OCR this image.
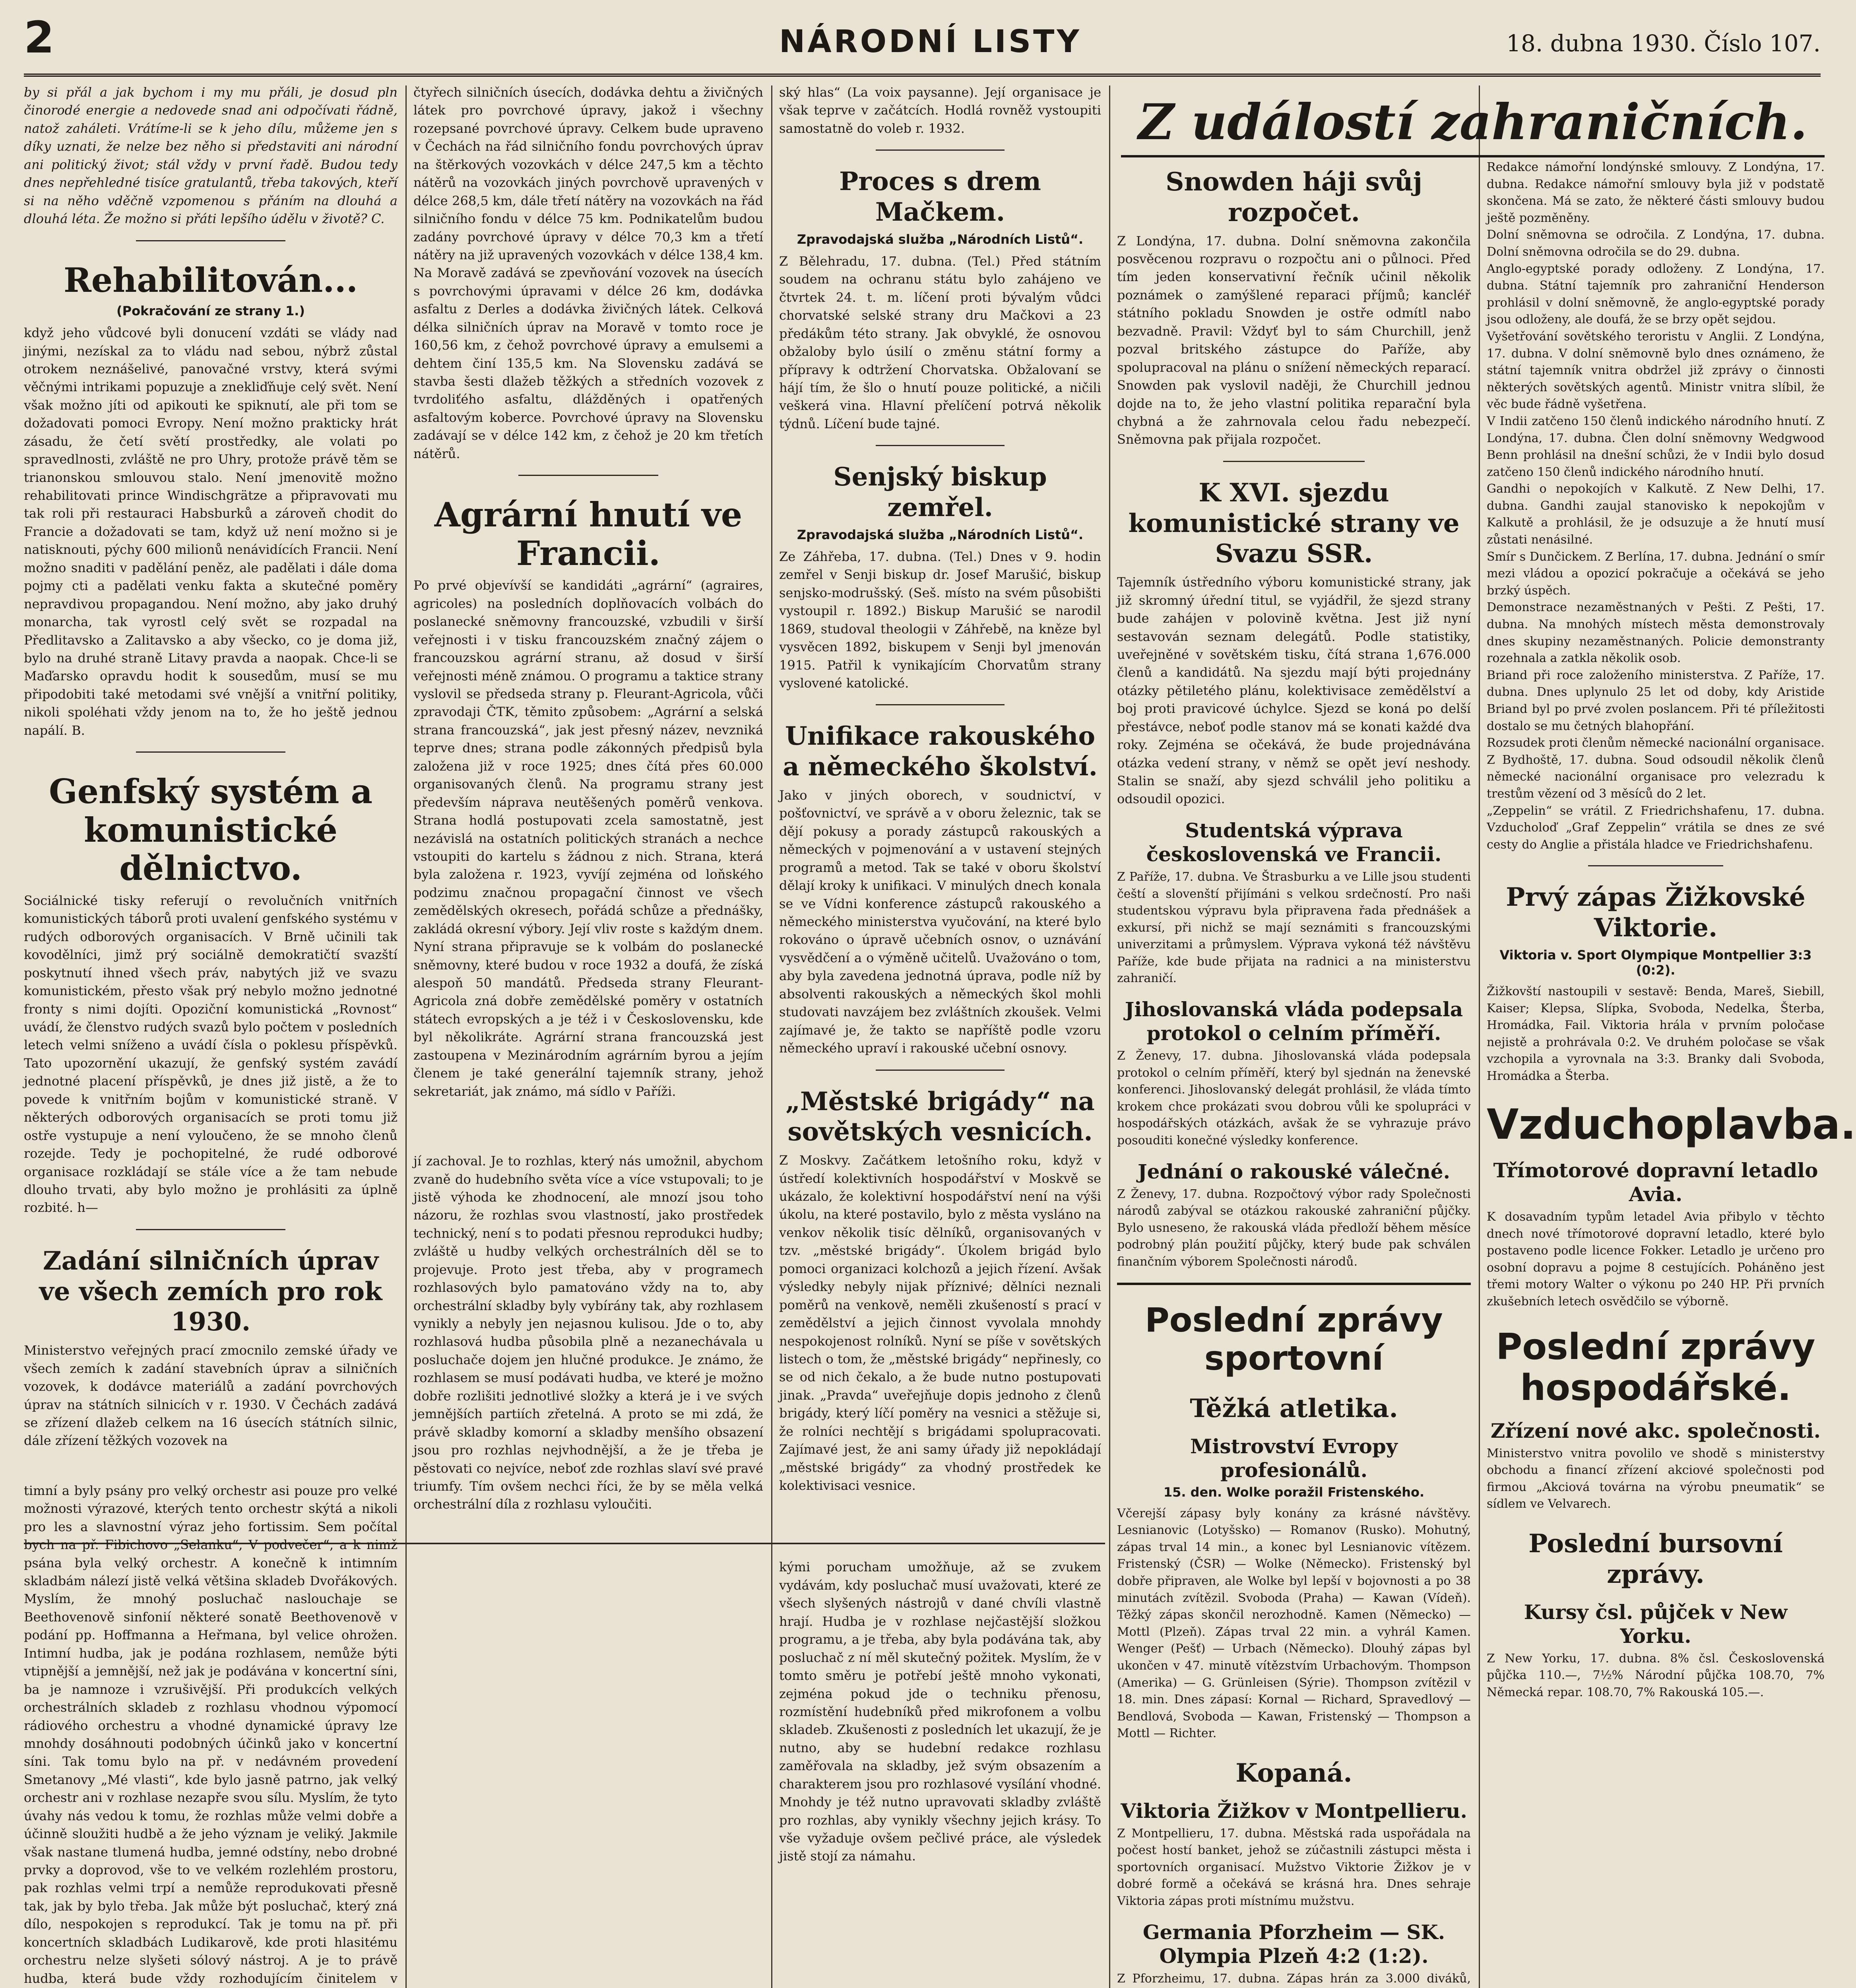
2	NÁRODNÍ LISTY	18. dubna 1930. Číslo 107.

by si přál a jak bychom i my mu přáli, je dosud pln činorodé energie a nedovede snad ani odpočívati řádně, natož zaháleti. Vrátíme-li se k jeho dílu, můžeme jen s díky uznati, že nelze bez něho si představiti ani národní ani politický život; stál vždy v první řadě. Budou tedy dnes nepřehledné tisíce gratulantů, třeba takových, kteří si na něho vděčně vzpomenou s přáním na dlouhá a dlouhá léta. Že možno si přáti lepšího údělu v životě? C.

Rehabilitován...
(Pokračování ze strany 1.)

když jeho vůdcové byli donucení vzdáti se vlády nad jinými, nezískal za to vládu nad sebou, nýbrž zůstal otrokem neznášelivé, panovačné vrstvy, která svými věčnými intrikami popuzuje a znekliďňuje celý svět. Není však možno jíti od apikouti ke spiknutí, ale při tom se dožadovati pomoci Evropy. Není možno prakticky hrát zásadu, že četí světí prostředky, ale volati po spravedlnosti, zvláště ne pro Uhry, protože právě těm se trianonskou smlouvou stalo. Není jmenovitě možno rehabilitovati prince Windischgrätze a připravovati mu tak roli při restauraci Habsburků a zároveň chodit do Francie a dožadovati se tam, když už není možno si je natisknouti, pýchy 600 milionů nenávidících Francii. Není možno snaditi v padělání peněz, ale padělati i dále doma pojmy cti a padělati venku fakta a skutečné poměry nepravdivou propagandou. Není možno, aby jako druhý monarcha, tak vyrostl celý svět se rozpadal na Předlitavsko a Zalitavsko a aby všecko, co je doma již, bylo na druhé straně Litavy pravda a naopak. Chce-li se Maďarsko opravdu hodit k sousedům, musí se mu připodobiti také metodami své vnější a vnitřní politiky, nikoli spoléhati vždy jenom na to, že ho ještě jednou napálí. B.

Genfský systém a komunistické dělnictvo.

Sociálnické tisky referují o revolučních vnitřních komunistických táborů proti uvalení genfského systému v rudých odborových organisacích. V Brně učinili tak kovodělníci, jimž prý sociálně demokratičtí svazští poskytnutí ihned všech práv, nabytých již ve svazu komunistickém, přesto však prý nebylo možno jednotné fronty s nimi dojíti. Opoziční komunistická „Rovnost“ uvádí, že členstvo rudých svazů bylo počtem v posledních letech velmi sníženo a uvádí čísla o poklesu příspěvků. Tato upozornění ukazují, že genfský systém zavádí jednotné placení příspěvků, je dnes již jistě, a že to povede k vnitřním bojům v komunistické straně. V některých odborových organisacích se proti tomu již ostře vystupuje a není vyloučeno, že se mnoho členů rozejde. Tedy je pochopitelné, že rudé odborové organisace rozkládají se stále více a že tam nebude dlouho trvati, aby bylo možno je prohlásiti za úplně rozbité. h—

Zadání silničních úprav ve všech zemích pro rok 1930.

Ministerstvo veřejných prací zmocnilo zemské úřady ve všech zemích k zadání stavebních úprav a silničních vozovek, k dodávce materiálů a zadání povrchových úprav na státních silnicích v r. 1930. V Čechách zadává se zřízení dlažeb celkem na 16 úsecích státních silnic, dále zřízení těžkých vozovek na

timní a byly psány pro velký orchestr asi pouze pro velké možnosti výrazové, kterých tento orchestr skýtá a nikoli pro les a slavnostní výraz jeho fortissim. Sem počítal bych na př. Fibichovo „Selanku“, V podvečer“, a k nimž psána byla velký orchestr. A konečně k intimním skladbám nálezí jistě velká většina skladeb Dvořákových. Myslím, že mnohý posluchač naslouchaje se Beethovenově sinfonií některé sonatě Beethovenově v podání pp. Hoffmanna a Heřmana, byl velice ohrožen. Intimní hudba, jak je podána rozhlasem, nemůže býti vtipnější a jemnější, než jak je podávána v koncertní síni, ba je namnoze i vzrušivější. Při produkcích velkých orchestrálních skladeb z rozhlasu vhodnou výpomocí rádiového orchestru a vhodné dynamické úpravy lze mnohdy dosáhnouti podobných účinků jako v koncertní síni. Tak tomu bylo na př. v nedávném provedení Smetanovy „Mé vlasti“, kde bylo jasně patrno, jak velký orchestr ani v rozhlase nezapře svou sílu. Myslím, že tyto úvahy nás vedou k tomu, že rozhlas může velmi dobře a účinně sloužiti hudbě a že jeho význam je veliký. Jakmile však nastane tlumená hudba, jemné odstíny, nebo drobné prvky a doprovod, vše to ve velkém rozlehlém prostoru, pak rozhlas velmi trpí a nemůže reprodukovati přesně tak, jak by bylo třeba. Jak může být posluchač, který zná dílo, nespokojen s reprodukcí. Tak je tomu na př. při koncertních skladbách Ludikarově, kde proti hlasitému orchestru nelze slyšeti sólový nástroj. A je to právě hudba, která bude vždy rozhodujícím činitelem v

čtyřech silničních úsecích, dodávka dehtu a živičných látek pro povrchové úpravy, jakož i všechny rozepsané povrchové úpravy. Celkem bude upraveno v Čechách na řád silničního fondu povrchových úprav na štěrkových vozovkách v délce 247,5 km a těchto nátěrů na vozovkách jiných povrchově upravených v délce 268,5 km, dále třetí nátěry na vozovkách na řád silničního fondu v délce 75 km. Podnikatelům budou zadány povrchové úpravy v délce 70,3 km a třetí nátěry na již upravených vozovkách v délce 138,4 km. Na Moravě zadává se zpevňování vozovek na úsecích s povrchovými úpravami v délce 26 km, dodávka asfaltu z Derles a dodávka živičných látek. Celková délka silničních úprav na Moravě v tomto roce je 160,56 km, z čehož povrchové úpravy a emulsemi a dehtem činí 135,5 km. Na Slovensku zadává se stavba šesti dlažeb těžkých a středních vozovek z tvrdoliťého asfaltu, dlážděných i opatřených asfaltovým koberce. Povrchové úpravy na Slovensku zadávají se v délce 142 km, z čehož je 20 km třetích nátěrů.

Agrární hnutí ve Francii.

Po prvé objevívší se kandidáti „agrární“ (agraires, agricoles) na posledních doplňovacích volbách do poslanecké sněmovny francouzské, vzbudili v širší veřejnosti i v tisku francouzském značný zájem o francouzskou agrární stranu, až dosud v širší veřejnosti méně známou. O programu a taktice strany vyslovil se předseda strany p. Fleurant-Agricola, vůči zpravodaji ČTK, těmito způsobem: „Agrární a selská strana francouzská“, jak jest přesný název, nevzniká teprve dnes; strana podle zákonných předpisů byla založena již v roce 1925; dnes čítá přes 60.000 organisovaných členů. Na programu strany jest především náprava neutěšených poměrů venkova. Strana hodlá postupovati zcela samostatně, jest nezávislá na ostatních politických stranách a nechce vstoupiti do kartelu s žádnou z nich. Strana, která byla založena r. 1923, vyvíjí zejména od loňského podzimu značnou propagační činnost ve všech zemědělských okresech, pořádá schůze a přednášky, zakládá okresní výbory. Její vliv roste s každým dnem. Nyní strana připravuje se k volbám do poslanecké sněmovny, které budou v roce 1932 a doufá, že získá alespoň 50 mandátů. Předseda strany Fleurant-Agricola zná dobře zemědělské poměry v ostatních státech evropských a je též i v Československu, kde byl několikráte. Agrární strana francouzská jest zastoupena v Mezinárodním agrárním byrou a jejím členem je také generální tajemník strany, jehož sekretariát, jak známo, má sídlo v Paříži.

jí zachoval. Je to rozhlas, který nás umožnil, abychom zvaně do hudebního světa více a více vstupovali; to je jistě výhoda ke zhodnocení, ale mnozí jsou toho názoru, že rozhlas svou vlastností, jako prostředek technický, není s to podati přesnou reprodukci hudby; zvláště u hudby velkých orchestrálních děl se to projevuje. Proto jest třeba, aby v programech rozhlasových bylo pamatováno vždy na to, aby orchestrální skladby byly vybírány tak, aby rozhlasem vynikly a nebyly jen nejasnou kulisou. Jde o to, aby rozhlasová hudba působila plně a nezanechávala u posluchače dojem jen hlučné produkce. Je známo, že rozhlasem se musí podávati hudba, ve které je možno dobře rozlišiti jednotlivé složky a která je i ve svých jemnějších partiích zřetelná. A proto se mi zdá, že právě skladby komorní a skladby menšího obsazení jsou pro rozhlas nejvhodnější, a že je třeba je pěstovati co nejvíce, neboť zde rozhlas slaví své pravé triumfy. Tím ovšem nechci říci, že by se měla velká orchestrální díla z rozhlasu vyloučiti.

ský hlas“ (La voix paysanne). Její organisace je však teprve v začátcích. Hodlá rovněž vystoupiti samostatně do voleb r. 1932.

Proces s drem Mačkem.
Zpravodajská služba „Národních Listů“.

Z Bělehradu, 17. dubna. (Tel.) Před státním soudem na ochranu státu bylo zahájeno ve čtvrtek 24. t. m. líčení proti bývalým vůdci chorvatské selské strany dru Mačkovi a 23 předákům této strany. Jak obvyklé, že osnovou obžaloby bylo úsilí o změnu státní formy a přípravy k odtržení Chorvatska. Obžalovaní se hájí tím, že šlo o hnutí pouze politické, a ničili veškerá vina. Hlavní přelíčení potrvá několik týdnů. Líčení bude tajné.

Senjský biskup zemřel.
Zpravodajská služba „Národních Listů“.

Ze Záhřeba, 17. dubna. (Tel.) Dnes v 9. hodin zemřel v Senji biskup dr. Josef Marušić, biskup senjsko-modrušský. (Seš. místo na svém působišti vystoupil r. 1892.) Biskup Marušić se narodil 1869, studoval theologii v Záhřebě, na kněze byl vysvěcen 1892, biskupem v Senji byl jmenován 1915. Patřil k vynikajícím Chorvatům strany vyslovené katolické.

Unifikace rakouského a německého školství.

Jako v jiných oborech, v soudnictví, v pošťovnictví, ve správě a v oboru železnic, tak se dějí pokusy a porady zástupců rakouských a německých v pojmenování a v ustavení stejných programů a metod. Tak se také v oboru školství dělají kroky k unifikaci. V minulých dnech konala se ve Vídni konference zástupců rakouského a německého ministerstva vyučování, na které bylo rokováno o úpravě učebních osnov, o uznávání vysvědčení a o výměně učitelů. Uvažováno o tom, aby byla zavedena jednotná úprava, podle níž by absolventi rakouských a německých škol mohli studovati navzájem bez zvláštních zkoušek. Velmi zajímavé je, že takto se napříště podle vzoru německého upraví i rakouské učební osnovy.

„Městské brigády“ na sovětských vesnicích.

Z Moskvy. Začátkem letošního roku, když v ústředí kolektivních hospodářství v Moskvě se ukázalo, že kolektivní hospodářství není na výši úkolu, na které postavilo, bylo z města vysláno na venkov několik tisíc dělníků, organisovaných v tzv. „městské brigády“. Úkolem brigád bylo pomoci organizaci kolchozů a jejich řízení. Avšak výsledky nebyly nijak příznivé; dělníci neznali poměrů na venkově, neměli zkušeností s prací v zemědělství a jejich činnost vyvolala mnohdy nespokojenost rolníků. Nyní se píše v sovětských listech o tom, že „městské brigády“ nepřinesly, co se od nich čekalo, a že bude nutno postupovati jinak. „Pravda“ uveřejňuje dopis jednoho z členů brigády, který líčí poměry na vesnici a stěžuje si, že rolníci nechtějí s brigádami spolupracovati. Zajímavé jest, že ani samy úřady již nepokládají „městské brigády“ za vhodný prostředek ke kolektivisaci vesnice.

kými porucham umožňuje, až se zvukem vydávám, kdy posluchač musí uvažovati, které ze všech slyšených nástrojů v dané chvíli vlastně hrají. Hudba je v rozhlase nejčastější složkou programu, a je třeba, aby byla podávána tak, aby posluchač z ní měl skutečný požitek. Myslím, že v tomto směru je potřebí ještě mnoho vykonati, zejména pokud jde o techniku přenosu, rozmístění hudebníků před mikrofonem a volbu skladeb. Zkušenosti z posledních let ukazují, že je nutno, aby se hudební redakce rozhlasu zaměřovala na skladby, jež svým obsazením a charakterem jsou pro rozhlasové vysílání vhodné. Mnohdy je též nutno upravovati skladby zvláště pro rozhlas, aby vynikly všechny jejich krásy. To vše vyžaduje ovšem pečlivé práce, ale výsledek jistě stojí za námahu.

Snowden háji svůj rozpočet.

Z Londýna, 17. dubna. Dolní sněmovna zakončila posvěcenou rozpravu o rozpočtu ani o půlnoci. Před tím jeden konservativní řečník učinil několik poznámek o zamýšlené reparaci příjmů; kancléř státního pokladu Snowden je ostře odmítl nabo bezvadně. Pravil: Vždyť byl to sám Churchill, jenž pozval britského zástupce do Paříže, aby spolupracoval na plánu o snížení německých reparací. Snowden pak vyslovil naději, že Churchill jednou dojde na to, že jeho vlastní politika reparační byla chybná a že zahrnovala celou řadu nebezpečí. Sněmovna pak přijala rozpočet.

K XVI. sjezdu komunistické strany ve Svazu SSR.

Tajemník ústředního výboru komunistické strany, jak již skromný úřední titul, se vyjádřil, že sjezd strany bude zahájen v polovině května. Jest již nyní sestavován seznam delegátů. Podle statistiky, uveřejněné v sovětském tisku, čítá strana 1,676.000 členů a kandidátů. Na sjezdu mají býti projednány otázky pětiletého plánu, kolektivisace zemědělství a boj proti pravicové úchylce. Sjezd se koná po delší přestávce, neboť podle stanov má se konati každé dva roky. Zejména se očekává, že bude projednávána otázka vedení strany, v němž se opět jeví neshody. Stalin se snaží, aby sjezd schválil jeho politiku a odsoudil opozici.

Studentská výprava československá ve Francii.

Z Paříže, 17. dubna. Ve Štrasburku a ve Lille jsou studenti čeští a slovenští přijímáni s velkou srdečností. Pro naši studentskou výpravu byla připravena řada přednášek a exkursí, při nichž se mají seznámiti s francouzskými univerzitami a průmyslem. Výprava vykoná též návštěvu Paříže, kde bude přijata na radnici a na ministerstvu zahraničí.

Jihoslovanská vláda podepsala protokol o celním příměří.

Z Ženevy, 17. dubna. Jihoslovanská vláda podepsala protokol o celním příměří, který byl sjednán na ženevské konferenci. Jihoslovanský delegát prohlásil, že vláda tímto krokem chce prokázati svou dobrou vůli ke spolupráci v hospodářských otázkách, avšak že se vyhrazuje právo posouditi konečné výsledky konference.

Jednání o rakouské válečné.

Z Ženevy, 17. dubna. Rozpočtový výbor rady Společnosti národů zabýval se otázkou rakouské zahraniční půjčky. Bylo usneseno, že rakouská vláda předloží během měsíce podrobný plán použití půjčky, který bude pak schválen finančním výborem Společnosti národů.

Poslední zprávy sportovní
Těžká atletika.
Mistrovství Evropy profesionálů.
15. den. Wolke poražil Fristenského.

Včerejší zápasy byly konány za krásné návštěvy. Lesnianovic (Lotyšsko) — Romanov (Rusko). Mohutný, zápas trval 14 min., a konec byl Lesnianovic vítězem. Fristenský (ČSR) — Wolke (Německo). Fristenský byl dobře připraven, ale Wolke byl lepší v bojovnosti a po 38 minutách zvítězil. Svoboda (Praha) — Kawan (Vídeň). Těžký zápas skončil nerozhodně. Kamen (Německo) — Mottl (Plzeň). Zápas trval 22 min. a vyhrál Kamen. Wenger (Pešť) — Urbach (Německo). Dlouhý zápas byl ukončen v 47. minutě vítězstvím Urbachovým. Thompson (Amerika) — G. Grünleisen (Sýrie). Thompson zvítězil v 18. min. Dnes zápasí: Kornal — Richard, Spravedlový — Bendlová, Svoboda — Kawan, Fristenský — Thompson a Mottl — Richter.

Kopaná.
Viktoria Žižkov v Montpellieru.

Z Montpellieru, 17. dubna. Městská rada uspořádala na počest hostí banket, jehož se zúčastnili zástupci města i sportovních organisací. Mužstvo Viktorie Žižkov je v dobré formě a očekává se krásná hra. Dnes sehraje Viktoria zápas proti místnímu mužstvu.

Germania Pforzheim — SK. Olympia Plzeň 4:2 (1:2).

Z Pforzheimu, 17. dubna. Zápas hrán za 3.000 diváků,

Z událostí zahraničních.

Redakce námořní londýnské smlouvy. Z Londýna, 17. dubna. Redakce námořní smlouvy byla již v podstatě skončena. Má se zato, že některé části smlouvy budou ještě pozměněny.

Dolní sněmovna se odročila. Z Londýna, 17. dubna. Dolní sněmovna odročila se do 29. dubna.

Anglo-egyptské porady odloženy. Z Londýna, 17. dubna. Státní tajemník pro zahraniční Henderson prohlásil v dolní sněmovně, že anglo-egyptské porady jsou odloženy, ale doufá, že se brzy opět sejdou.

Vyšetřování sovětského teroristu v Anglii. Z Londýna, 17. dubna. V dolní sněmovně bylo dnes oznámeno, že státní tajemník vnitra obdržel již zprávy o činnosti některých sovětských agentů. Ministr vnitra slíbil, že věc bude řádně vyšetřena.

V Indii zatčeno 150 členů indického národního hnutí. Z Londýna, 17. dubna. Člen dolní sněmovny Wedgwood Benn prohlásil na dnešní schůzi, že v Indii bylo dosud zatčeno 150 členů indického národního hnutí.

Gandhi o nepokojích v Kalkutě. Z New Delhi, 17. dubna. Gandhi zaujal stanovisko k nepokojům v Kalkutě a prohlásil, že je odsuzuje a že hnutí musí zůstati nenásilné.

Smír s Dunčickem. Z Berlína, 17. dubna. Jednání o smír mezi vládou a opozicí pokračuje a očekává se jeho brzký úspěch.

Demonstrace nezaměstnaných v Pešti. Z Pešti, 17. dubna. Na mnohých místech města demonstrovaly dnes skupiny nezaměstnaných. Policie demonstranty rozehnala a zatkla několik osob.

Briand při roce založeního ministerstva. Z Paříže, 17. dubna. Dnes uplynulo 25 let od doby, kdy Aristide Briand byl po prvé zvolen poslancem. Při té příležitosti dostalo se mu četných blahopřání.

Rozsudek proti členům německé nacionální organisace. Z Bydhoště, 17. dubna. Soud odsoudil několik členů německé nacionální organisace pro velezradu k trestům vězení od 3 měsíců do 2 let.

„Zeppelin“ se vrátil. Z Friedrichshafenu, 17. dubna. Vzducholoď „Graf Zeppelin“ vrátila se dnes ze své cesty do Anglie a přistála hladce ve Friedrichshafenu.

Prvý zápas Žižkovské Viktorie.
Viktoria v. Sport Olympique Montpellier 3:3 (0:2).

Žižkovští nastoupili v sestavě: Benda, Mareš, Siebill, Kaiser; Klepsa, Slípka, Svoboda, Nedelka, Šterba, Hromádka, Fail. Viktoria hrála v prvním poločase nejistě a prohrávala 0:2. Ve druhém poločase se však vzchopila a vyrovnala na 3:3. Branky dali Svoboda, Hromádka a Šterba.

Vzduchoplavba.
Třímotorové dopravní letadlo Avia.

K dosavadním typům letadel Avia přibylo v těchto dnech nové třímotorové dopravní letadlo, které bylo postaveno podle licence Fokker. Letadlo je určeno pro osobní dopravu a pojme 8 cestujících. Poháněno jest třemi motory Walter o výkonu po 240 HP. Při prvních zkušebních letech osvědčilo se výborně.

Poslední zprávy hospodářské.
Zřízení nové akc. společnosti.

Ministerstvo vnitra povolilo ve shodě s ministerstvy obchodu a financí zřízení akciové společnosti pod firmou „Akciová továrna na výrobu pneumatik“ se sídlem ve Velvarech.

Poslední bursovní zprávy.
Kursy čsl. půjček v New Yorku.

Z New Yorku, 17. dubna. 8% čsl. Československá půjčka 110.—, 7½% Národní půjčka 108.70, 7% Německá repar. 108.70, 7% Rakouská 105.—.
